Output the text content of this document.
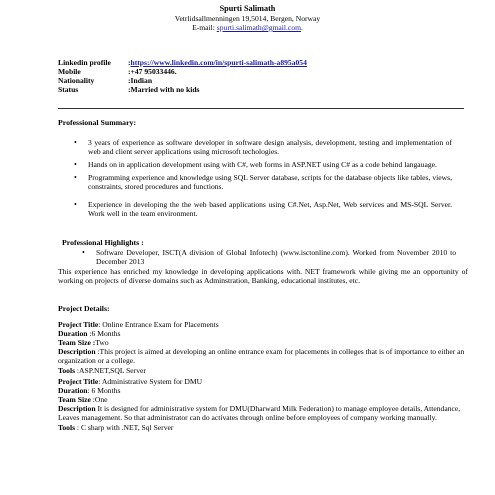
Spurti Salimath
Vetrlidsallmenningen 19,5014, Bergen, Norway
E-mail: spurti.salimath@gmail.com.
Linkedin profile	: https://www.linkedin.com/in/spurti-salimath-a895a054
Mobile	: +47 95033446.
Nationality	: Indian
Status	: Married with no kids
Professional Summary:
• 3 years of experience as software developer in software design analysis, development, testing and implementation of web and client server applications using microsoft techologies.
• Hands on in application development using with C#, web forms in ASP.NET using C# as a code behind langauage.
• Programming experience and knowledge using SQL Server database, scripts for the database objects like tables, views, constraints, stored procedures and functions.
• Experience in developing the the web based applications using C#.Net, Asp.Net, Web services and MS-SQL Server. Work well in the team environment.
Professional Highlights :
• Software Developer, ISCT(A division of Global Infotech) (www.isctonline.com). Worked from November 2010 to December 2013
This experience has enriched my knowledge in developing applications with. NET framework while giving me an opportunity of working on projects of diverse domains such as Adminstration, Banking, educational institutes, etc.
Project Details:

Project Title: Online Entrance Exam for Placements

Duration :6 Months

Team Size :Two

Description :This project is aimed at developing an online entrance exam for placements in colleges that is of importance to either an organization or a college.

Tools :ASP.NET,SQL Server

Project Title: Administrative System for DMU

Duration: 6 Months

Team Size :One

Description It is designed for administrative system for DMU(Dharward Milk Federation) to manage employee details, Attendance, Leaves management. So that administrator can do activates through online before employees of company working manually.

Tools : C sharp with .NET, Sql Server
